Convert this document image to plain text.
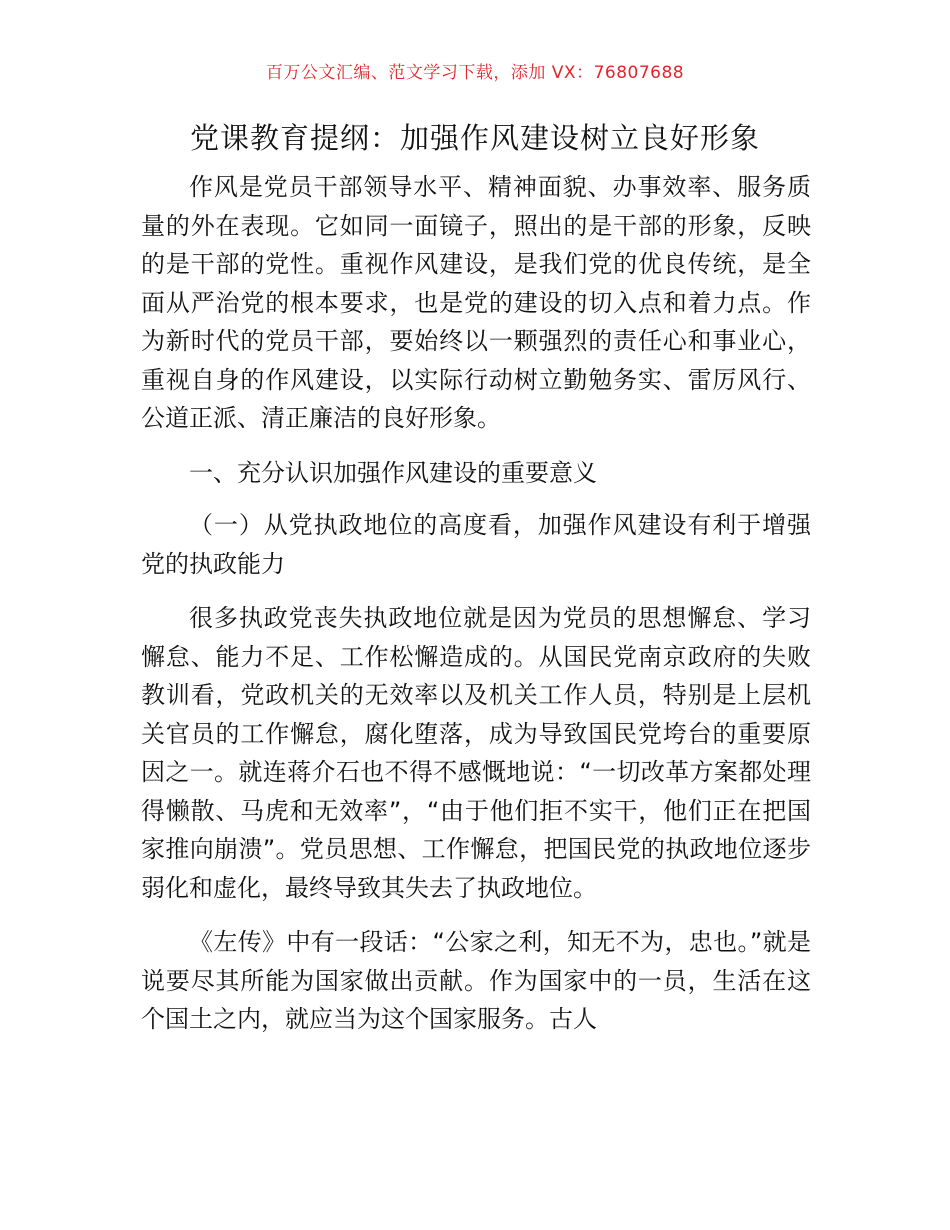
百万公文汇编、范文学习下载，添加 VX：76807688
党课教育提纲：加强作风建设树立良好形象

作风是党员干部领导水平、精神面貌、办事效率、服务质量的外在表现。它如同一面镜子，照出的是干部的形象，反映的是干部的党性。重视作风建设，是我们党的优良传统，是全面从严治党的根本要求，也是党的建设的切入点和着力点。作为新时代的党员干部，要始终以一颗强烈的责任心和事业心，重视自身的作风建设，以实际行动树立勤勉务实、雷厉风行、公道正派、清正廉洁的良好形象。

一、充分认识加强作风建设的重要意义

（一）从党执政地位的高度看，加强作风建设有利于增强党的执政能力

很多执政党丧失执政地位就是因为党员的思想懈怠、学习懈怠、能力不足、工作松懈造成的。从国民党南京政府的失败教训看，党政机关的无效率以及机关工作人员，特别是上层机关官员的工作懈怠，腐化堕落，成为导致国民党垮台的重要原因之一。就连蒋介石也不得不感慨地说：“一切改革方案都处理得懒散、马虎和无效率”，“由于他们拒不实干，他们正在把国家推向崩溃”。党员思想、工作懈怠，把国民党的执政地位逐步弱化和虚化，最终导致其失去了执政地位。

《左传》中有一段话：“公家之利，知无不为，忠也。”就是说要尽其所能为国家做出贡献。作为国家中的一员，生活在这个国土之内，就应当为这个国家服务。古人
